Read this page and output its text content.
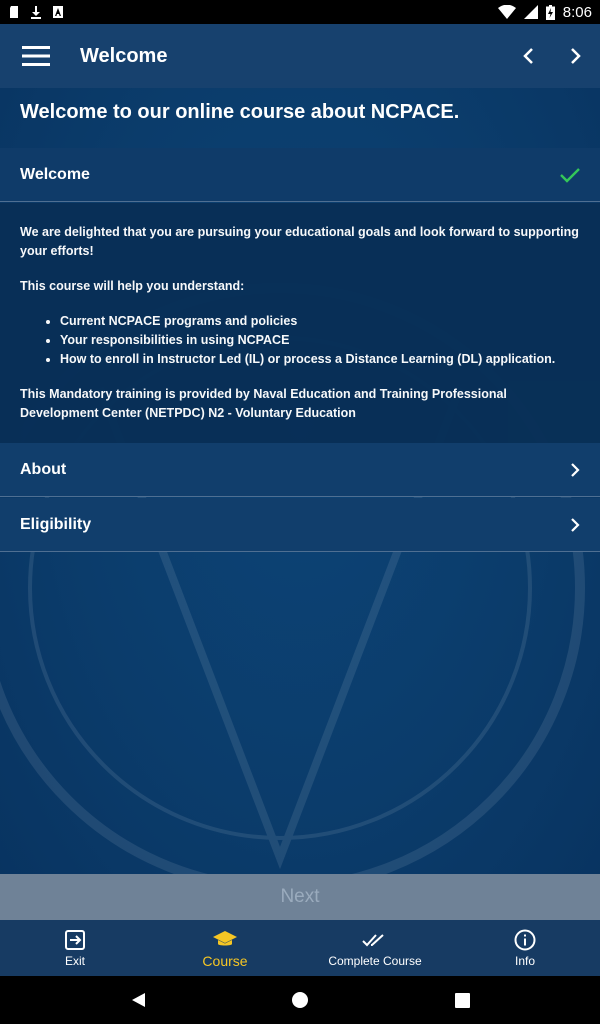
8:06
Welcome
Welcome to our online course about NCPACE.
Welcome

We are delighted that you are pursuing your educational goals and look forward to supporting your efforts!

This course will help you understand:

• Current NCPACE programs and policies
• Your responsibilities in using NCPACE
• How to enroll in Instructor Led (IL) or process a Distance Learning (DL) application.

This Mandatory training is provided by Naval Education and Training Professional Development Center (NETPDC) N2 - Voluntary Education

About
Eligibility
Next
Exit	Course	Complete Course	Info
